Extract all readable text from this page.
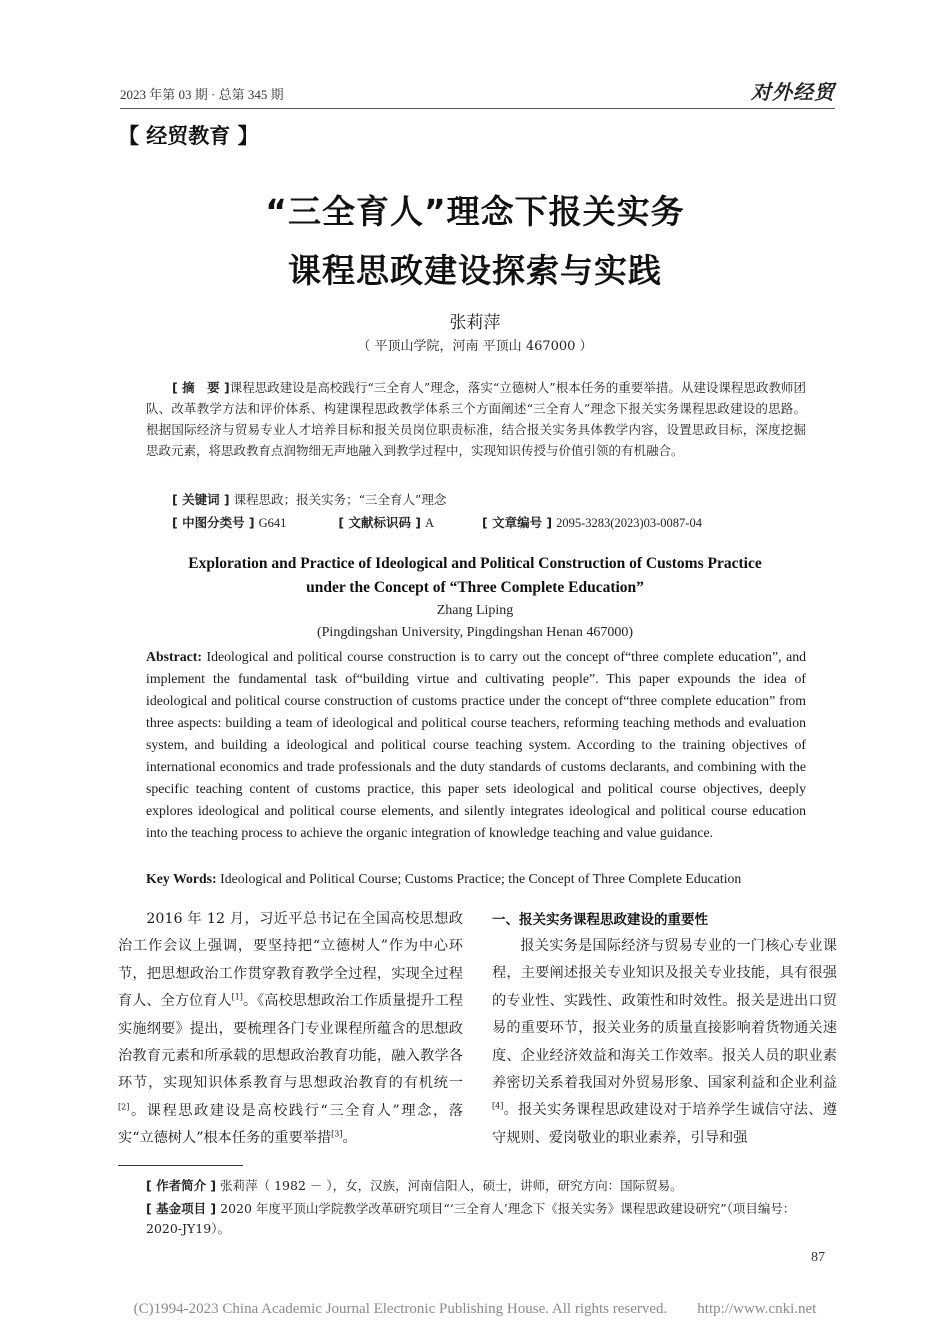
2023 年第 03 期 · 总第 345 期	对外经贸
【 经贸教育 】
“三全育人”理念下报关实务
课程思政建设探索与实践
张莉萍
（ 平顶山学院，河南 平顶山 467000 ）
[ 摘　要 ]课程思政建设是高校践行“三全育人”理念，落实“立德树人”根本任务的重要举措。从建设课程思政教师团队、改革教学方法和评价体系、构建课程思政教学体系三个方面阐述“三全育人”理念下报关实务课程思政建设的思路。根据国际经济与贸易专业人才培养目标和报关员岗位职责标准，结合报关实务具体教学内容，设置思政目标，深度挖掘思政元素，将思政教育点润物细无声地融入到教学过程中，实现知识传授与价值引领的有机融合。
[ 关键词 ] 课程思政；报关实务；“三全育人”理念
[ 中图分类号 ] G641	[ 文献标识码 ] A	[ 文章编号 ] 2095-3283(2023)03-0087-04
Exploration and Practice of Ideological and Political Construction of Customs Practice
under the Concept of “Three Complete Education”
Zhang Liping
(Pingdingshan University, Pingdingshan Henan 467000)
Abstract: Ideological and political course construction is to carry out the concept of“three complete education”, and implement the fundamental task of“building virtue and cultivating people”. This paper expounds the idea of ideological and political course construction of customs practice under the concept of“three complete education” from three aspects: building a team of ideological and political course teachers, reforming teaching methods and evaluation system, and building a ideological and political course teaching system. According to the training objectives of international economics and trade professionals and the duty standards of customs declarants, and combining with the specific teaching content of customs practice, this paper sets ideological and political course objectives, deeply explores ideological and political course elements, and silently integrates ideological and political course education into the teaching process to achieve the organic integration of knowledge teaching and value guidance.
Key Words: Ideological and Political Course; Customs Practice; the Concept of Three Complete Education
2016 年 12 月，习近平总书记在全国高校思想政治工作会议上强调，要坚持把“立德树人”作为中心环节，把思想政治工作贯穿教育教学全过程，实现全过程育人、全方位育人[1]。《高校思想政治工作质量提升工程实施纲要》提出，要梳理各门专业课程所蕴含的思想政治教育元素和所承载的思想政治教育功能，融入教学各环节，实现知识体系教育与思想政治教育的有机统一[2]。课程思政建设是高校践行“三全育人”理念，落实“立德树人”根本任务的重要举措[3]。
一、报关实务课程思政建设的重要性
报关实务是国际经济与贸易专业的一门核心专业课程，主要阐述报关专业知识及报关专业技能，具有很强的专业性、实践性、政策性和时效性。报关是进出口贸易的重要环节，报关业务的质量直接影响着货物通关速度、企业经济效益和海关工作效率。报关人员的职业素养密切关系着我国对外贸易形象、国家利益和企业利益[4]。报关实务课程思政建设对于培养学生诚信守法、遵守规则、爱岗敬业的职业素养，引导和强
[ 作者简介 ] 张莉萍（ 1982 － ），女，汉族，河南信阳人，硕士，讲师，研究方向：国际贸易。
[ 基金项目 ] 2020 年度平顶山学院教学改革研究项目“‘三全育人’理念下《报关实务》课程思政建设研究”（项目编号：2020-JY19）。
87
(C)1994-2023 China Academic Journal Electronic Publishing House. All rights reserved.　　http://www.cnki.net
